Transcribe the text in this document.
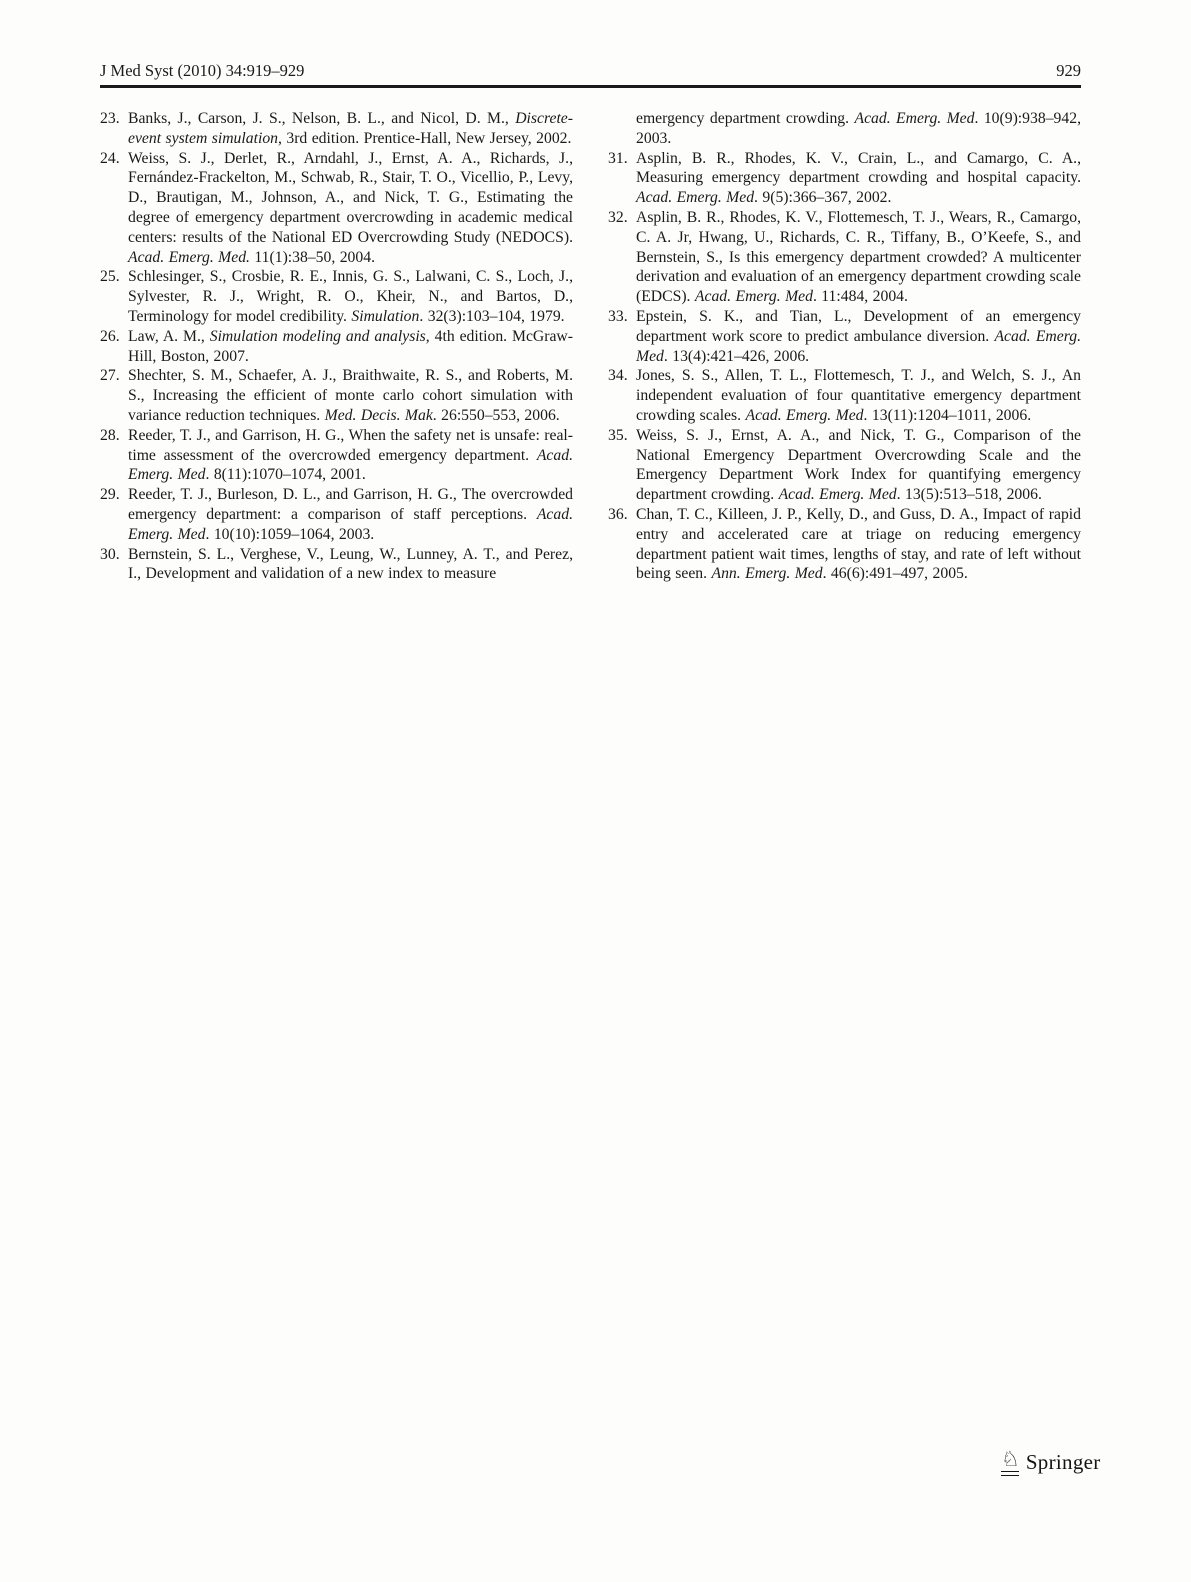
J Med Syst (2010) 34:919–929	929

23. Banks, J., Carson, J. S., Nelson, B. L., and Nicol, D. M., Discrete-event system simulation, 3rd edition. Prentice-Hall, New Jersey, 2002.

24. Weiss, S. J., Derlet, R., Arndahl, J., Ernst, A. A., Richards, J., Fernández-Frackelton, M., Schwab, R., Stair, T. O., Vicellio, P., Levy, D., Brautigan, M., Johnson, A., and Nick, T. G., Estimating the degree of emergency department overcrowding in academic medical centers: results of the National ED Overcrowding Study (NEDOCS). Acad. Emerg. Med. 11(1):38–50, 2004.

25. Schlesinger, S., Crosbie, R. E., Innis, G. S., Lalwani, C. S., Loch, J., Sylvester, R. J., Wright, R. O., Kheir, N., and Bartos, D., Terminology for model credibility. Simulation. 32(3):103–104, 1979.

26. Law, A. M., Simulation modeling and analysis, 4th edition. McGraw-Hill, Boston, 2007.

27. Shechter, S. M., Schaefer, A. J., Braithwaite, R. S., and Roberts, M. S., Increasing the efficient of monte carlo cohort simulation with variance reduction techniques. Med. Decis. Mak. 26:550–553, 2006.

28. Reeder, T. J., and Garrison, H. G., When the safety net is unsafe: real-time assessment of the overcrowded emergency department. Acad. Emerg. Med. 8(11):1070–1074, 2001.

29. Reeder, T. J., Burleson, D. L., and Garrison, H. G., The overcrowded emergency department: a comparison of staff perceptions. Acad. Emerg. Med. 10(10):1059–1064, 2003.

30. Bernstein, S. L., Verghese, V., Leung, W., Lunney, A. T., and Perez, I., Development and validation of a new index to measure

emergency department crowding. Acad. Emerg. Med. 10(9):938–942, 2003.

31. Asplin, B. R., Rhodes, K. V., Crain, L., and Camargo, C. A., Measuring emergency department crowding and hospital capacity. Acad. Emerg. Med. 9(5):366–367, 2002.

32. Asplin, B. R., Rhodes, K. V., Flottemesch, T. J., Wears, R., Camargo, C. A. Jr, Hwang, U., Richards, C. R., Tiffany, B., O’Keefe, S., and Bernstein, S., Is this emergency department crowded? A multicenter derivation and evaluation of an emergency department crowding scale (EDCS). Acad. Emerg. Med. 11:484, 2004.

33. Epstein, S. K., and Tian, L., Development of an emergency department work score to predict ambulance diversion. Acad. Emerg. Med. 13(4):421–426, 2006.

34. Jones, S. S., Allen, T. L., Flottemesch, T. J., and Welch, S. J., An independent evaluation of four quantitative emergency department crowding scales. Acad. Emerg. Med. 13(11):1204–1011, 2006.

35. Weiss, S. J., Ernst, A. A., and Nick, T. G., Comparison of the National Emergency Department Overcrowding Scale and the Emergency Department Work Index for quantifying emergency department crowding. Acad. Emerg. Med. 13(5):513–518, 2006.

36. Chan, T. C., Killeen, J. P., Kelly, D., and Guss, D. A., Impact of rapid entry and accelerated care at triage on reducing emergency department patient wait times, lengths of stay, and rate of left without being seen. Ann. Emerg. Med. 46(6):491–497, 2005.

♘ Springer
